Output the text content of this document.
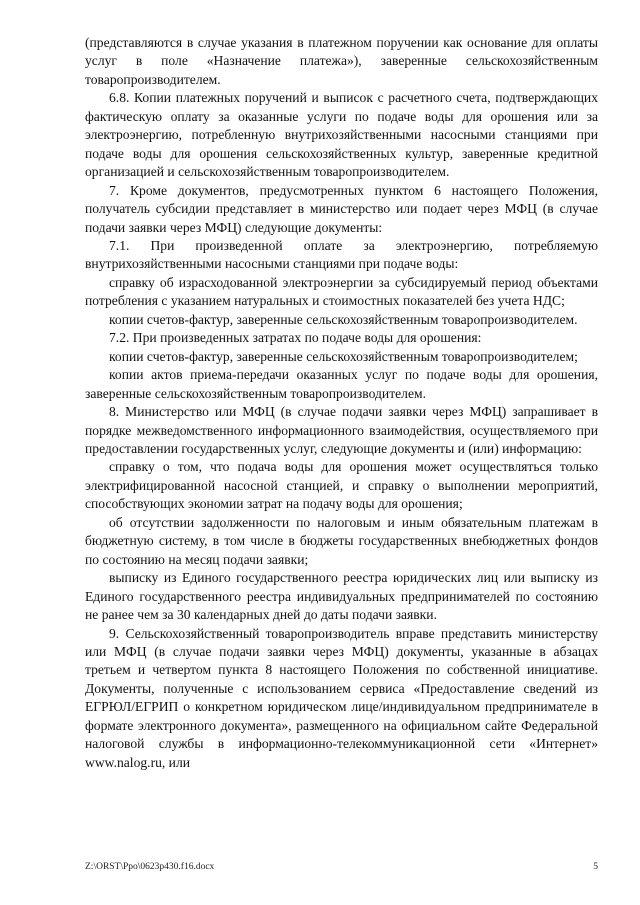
(представляются в случае указания в платежном поручении как основание для оплаты услуг в поле «Назначение платежа»), заверенные сельскохозяйственным товаропроизводителем.

6.8. Копии платежных поручений и выписок с расчетного счета, подтверждающих фактическую оплату за оказанные услуги по подаче воды для орошения или за электроэнергию, потребленную внутрихозяйственными насосными станциями при подаче воды для орошения сельскохозяйственных культур, заверенные кредитной организацией и сельскохозяйственным товаропроизводителем.

7. Кроме документов, предусмотренных пунктом 6 настоящего Положения, получатель субсидии представляет в министерство или подает через МФЦ (в случае подачи заявки через МФЦ) следующие документы:

7.1. При произведенной оплате за электроэнергию, потребляемую внутрихозяйственными насосными станциями при подаче воды:

справку об израсходованной электроэнергии за субсидируемый период объектами потребления с указанием натуральных и стоимостных показателей без учета НДС;

копии счетов-фактур, заверенные сельскохозяйственным товаропроизводителем.

7.2. При произведенных затратах по подаче воды для орошения:

копии счетов-фактур, заверенные сельскохозяйственным товаропроизводителем;

копии актов приема-передачи оказанных услуг по подаче воды для орошения, заверенные сельскохозяйственным товаропроизводителем.

8. Министерство или МФЦ (в случае подачи заявки через МФЦ) запрашивает в порядке межведомственного информационного взаимодействия, осуществляемого при предоставлении государственных услуг, следующие документы и (или) информацию:

справку о том, что подача воды для орошения может осуществляться только электрифицированной насосной станцией, и справку о выполнении мероприятий, способствующих экономии затрат на подачу воды для орошения;

об отсутствии задолженности по налоговым и иным обязательным платежам в бюджетную систему, в том числе в бюджеты государственных внебюджетных фондов по состоянию на месяц подачи заявки;

выписку из Единого государственного реестра юридических лиц или выписку из Единого государственного реестра индивидуальных предпринимателей по состоянию не ранее чем за 30 календарных дней до даты подачи заявки.

9. Сельскохозяйственный товаропроизводитель вправе представить министерству или МФЦ (в случае подачи заявки через МФЦ) документы, указанные в абзацах третьем и четвертом пункта 8 настоящего Положения по собственной инициативе. Документы, полученные с использованием сервиса «Предоставление сведений из ЕГРЮЛ/ЕГРИП о конкретном юридическом лице/индивидуальном предпринимателе в формате электронного документа», размещенного на официальном сайте Федеральной налоговой службы в информационно-телекоммуникационной сети «Интернет» www.nalog.ru, или

Z:\ORST\Ppo\0623p430.f16.docx	5
